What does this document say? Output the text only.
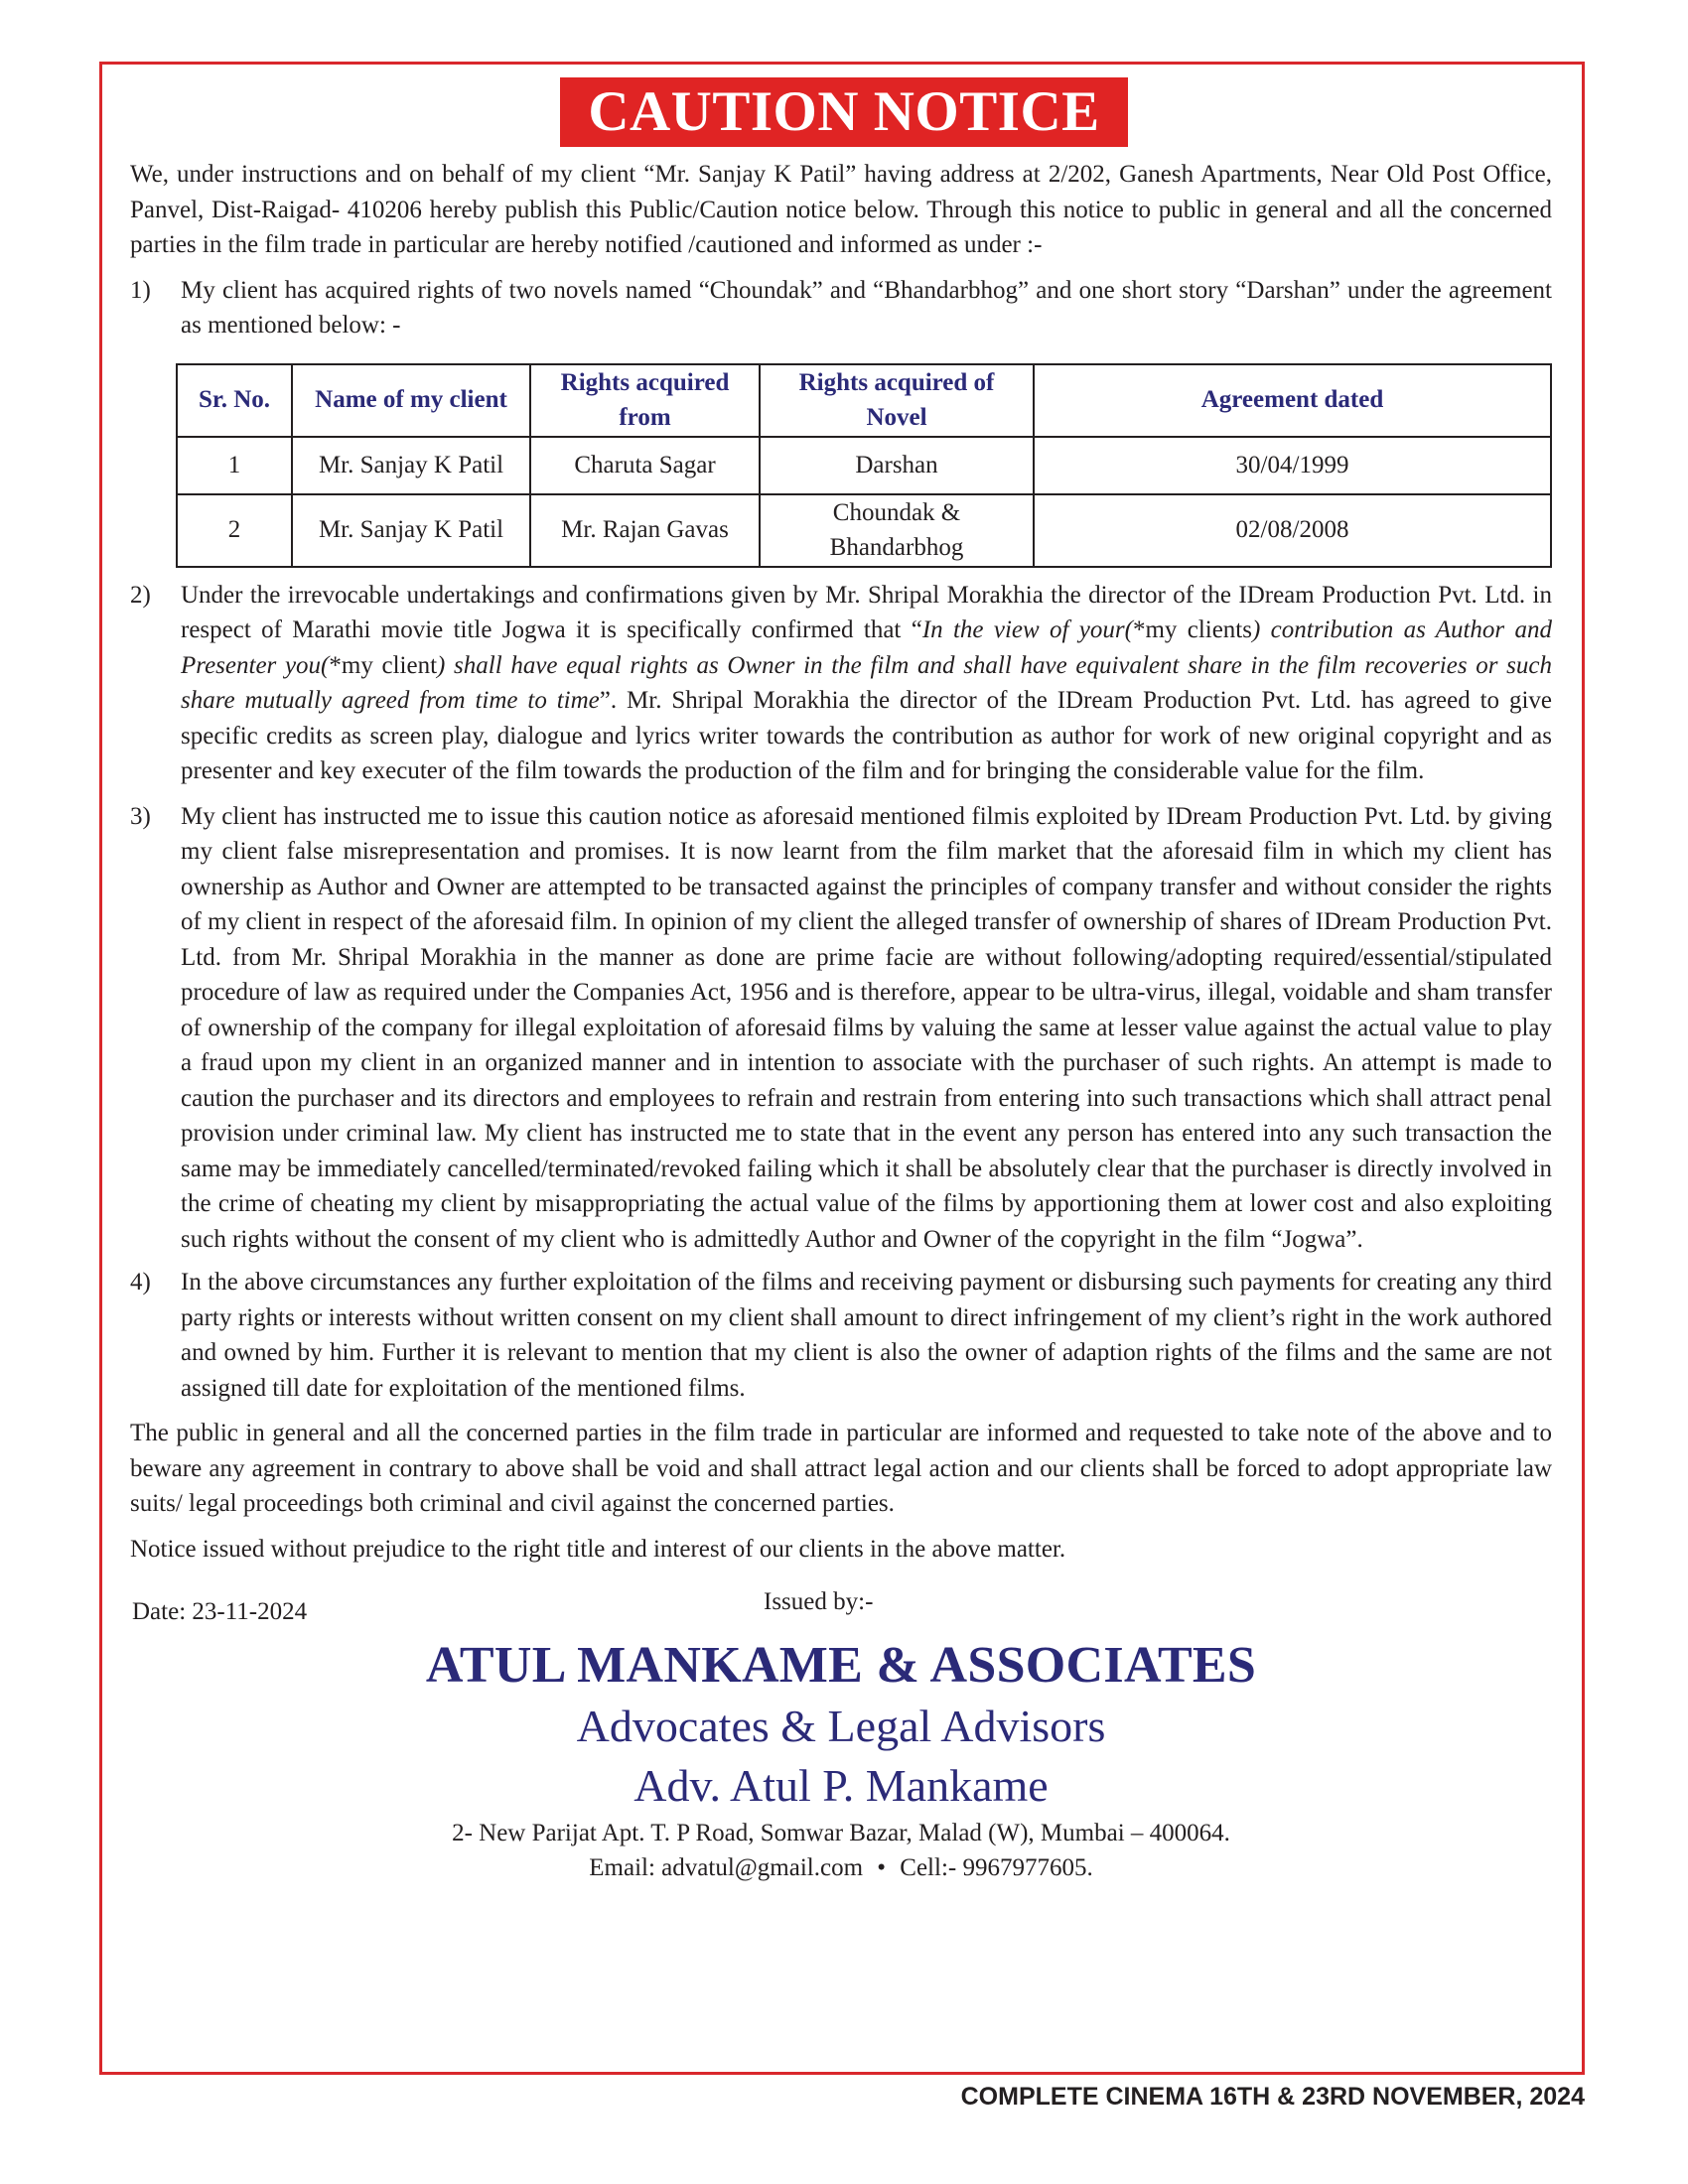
CAUTION NOTICE

We, under instructions and on behalf of my client “Mr. Sanjay K Patil” having address at 2/202, Ganesh Apartments, Near Old Post Office, Panvel, Dist-Raigad- 410206 hereby publish this Public/Caution notice below. Through this notice to public in general and all the concerned parties in the film trade in particular are hereby notified /cautioned and informed as under :-

1)	My client has acquired rights of two novels named “Choundak” and “Bhandarbhog” and one short story “Darshan” under the agreement as mentioned below: -
Sr. No.	Name of my client	Rights acquired from	Rights acquired of Novel	Agreement dated
1	Mr. Sanjay K Patil	Charuta Sagar	Darshan	30/04/1999
2	Mr. Sanjay K Patil	Mr. Rajan Gavas	Choundak & Bhandarbhog	02/08/2008
2)	Under the irrevocable undertakings and confirmations given by Mr. Shripal Morakhia the director of the IDream Production Pvt. Ltd. in respect of Marathi movie title Jogwa it is specifically confirmed that “In the view of your(*my clients) contribution as Author and Presenter you(*my client) shall have equal rights as Owner in the film and shall have equivalent share in the film recoveries or such share mutually agreed from time to time”. Mr. Shripal Morakhia the director of the IDream Production Pvt. Ltd. has agreed to give specific credits as screen play, dialogue and lyrics writer towards the contribution as author for work of new original copyright and as presenter and key executer of the film towards the production of the film and for bringing the considerable value for the film.
3)	My client has instructed me to issue this caution notice as aforesaid mentioned filmis exploited by IDream Production Pvt. Ltd. by giving my client false misrepresentation and promises. It is now learnt from the film market that the aforesaid film in which my client has ownership as Author and Owner are attempted to be transacted against the principles of company transfer and without consider the rights of my client in respect of the aforesaid film. In opinion of my client the alleged transfer of ownership of shares of IDream Production Pvt. Ltd. from Mr. Shripal Morakhia in the manner as done are prime facie are without following/adopting required/essential/stipulated procedure of law as required under the Companies Act, 1956 and is therefore, appear to be ultra-virus, illegal, voidable and sham transfer of ownership of the company for illegal exploitation of aforesaid films by valuing the same at lesser value against the actual value to play a fraud upon my client in an organized manner and in intention to associate with the purchaser of such rights. An attempt is made to caution the purchaser and its directors and employees to refrain and restrain from entering into such transactions which shall attract penal provision under criminal law. My client has instructed me to state that in the event any person has entered into any such transaction the same may be immediately cancelled/terminated/revoked failing which it shall be absolutely clear that the purchaser is directly involved in the crime of cheating my client by misappropriating the actual value of the films by apportioning them at lower cost and also exploiting such rights without the consent of my client who is admittedly Author and Owner of the copyright in the film “Jogwa”.
4)	In the above circumstances any further exploitation of the films and receiving payment or disbursing such payments for creating any third party rights or interests without written consent on my client shall amount to direct infringement of my client’s right in the work authored and owned by him. Further it is relevant to mention that my client is also the owner of adaption rights of the films and the same are not assigned till date for exploitation of the mentioned films.

The public in general and all the concerned parties in the film trade in particular are informed and requested to take note of the above and to beware any agreement in contrary to above shall be void and shall attract legal action and our clients shall be forced to adopt appropriate law suits/ legal proceedings both criminal and civil against the concerned parties.

Notice issued without prejudice to the right title and interest of our clients in the above matter.

Date: 23-11-2024	Issued by:-
ATUL MANKAME & ASSOCIATES
Advocates & Legal Advisors
Adv. Atul P. Mankame
2- New Parijat Apt. T. P Road, Somwar Bazar, Malad (W), Mumbai – 400064.
Email: advatul@gmail.com • Cell:- 9967977605.
COMPLETE CINEMA 16TH & 23RD NOVEMBER, 2024
